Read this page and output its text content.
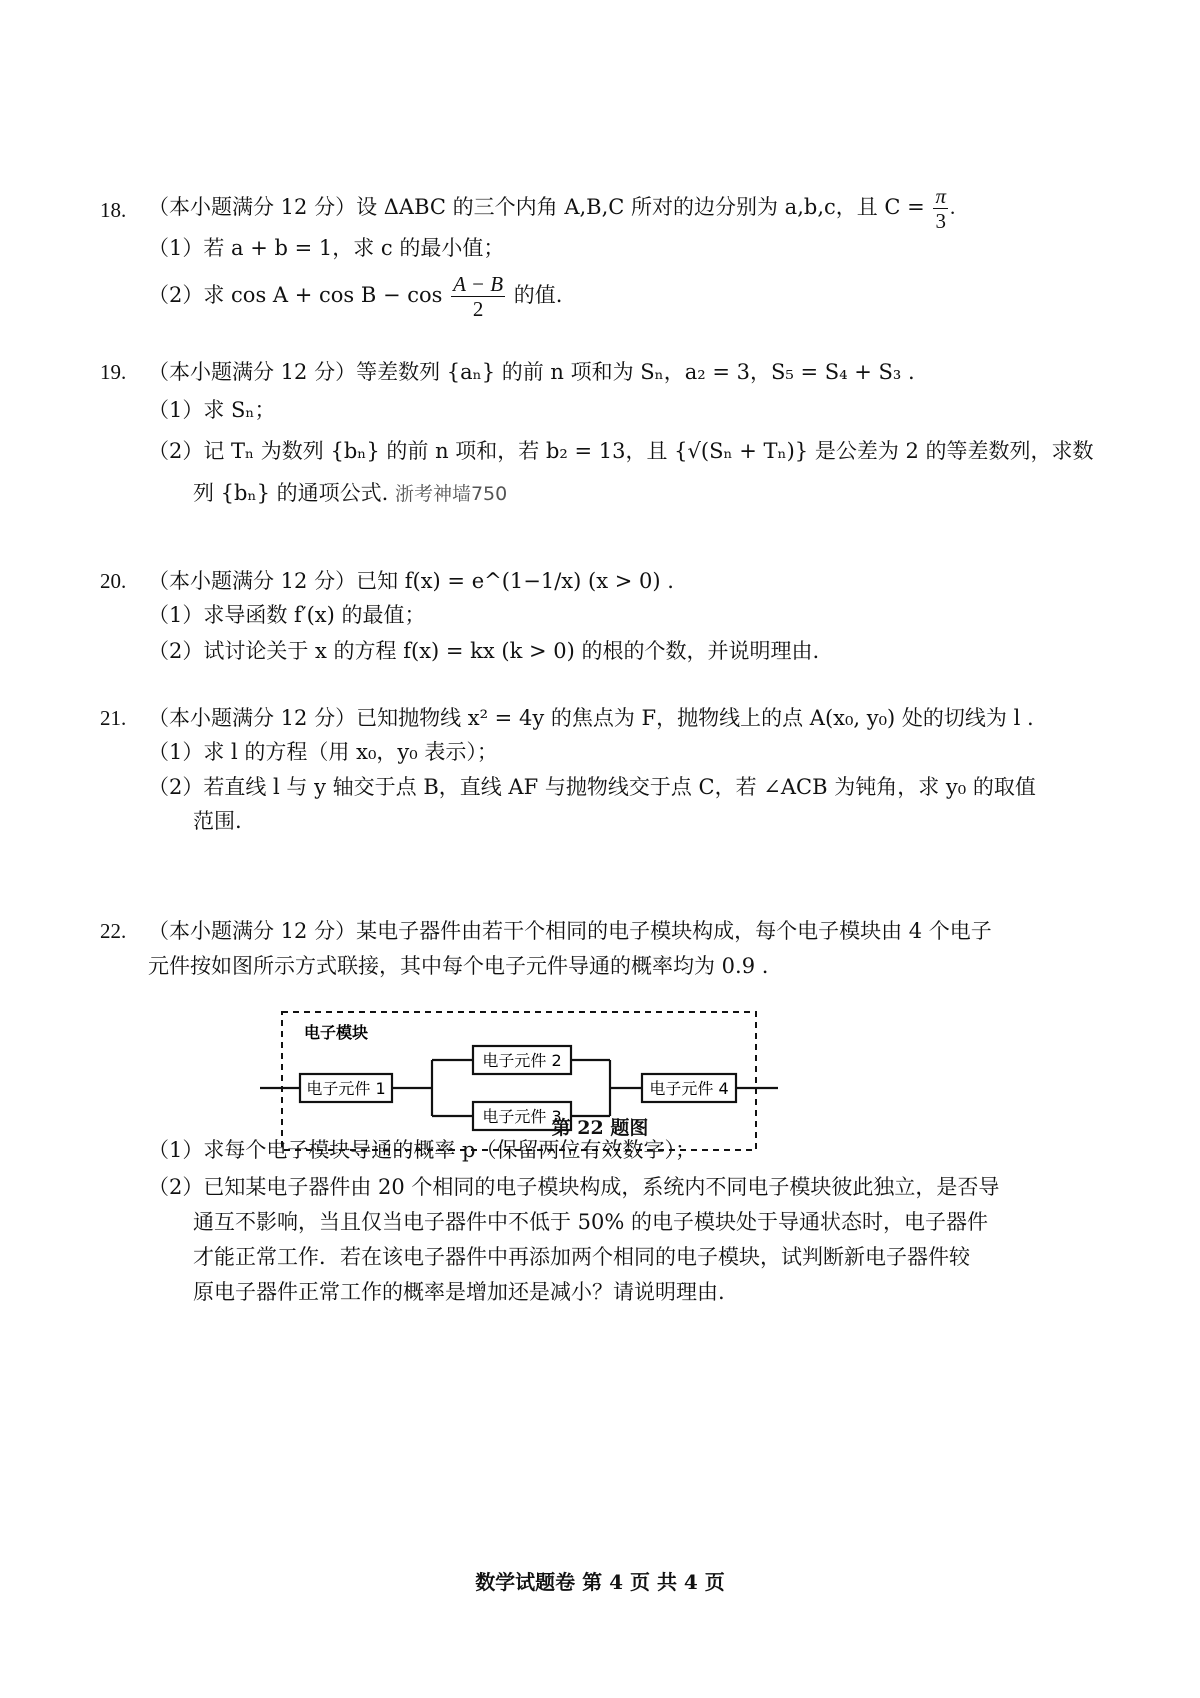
18. （本小题满分 12 分）设 ΔABC 的三个内角 A,B,C 所对的边分别为 a,b,c，且 $C = \frac{\pi}{3}$ .
（1）若 a + b = 1，求 c 的最小值；
（2）求 $\cos A + \cos B - \cos \frac{A - B}{2}$ 的值.
19. （本小题满分 12 分）等差数列 {aₙ} 的前 n 项和为 Sₙ，a₂ = 3，S₅ = S₄ + S₃ .
（1）求 Sₙ；
（2）记 Tₙ 为数列 {bₙ} 的前 n 项和，若 b₂ = 13，且 {√(Sₙ + Tₙ)} 是公差为 2 的等差数列，求数
列 {bₙ} 的通项公式. 浙考神墙750
20. （本小题满分 12 分）已知 f(x) = e^(1−1/x) (x > 0) .
（1）求导函数 f′(x) 的最值；
（2）试讨论关于 x 的方程 f(x) = kx (k > 0) 的根的个数，并说明理由.
21. （本小题满分 12 分）已知抛物线 x² = 4y 的焦点为 F，抛物线上的点 A(x₀, y₀) 处的切线为 l .
（1）求 l 的方程（用 x₀，y₀ 表示）；
（2）若直线 l 与 y 轴交于点 B，直线 AF 与抛物线交于点 C，若 ∠ACB 为钝角，求 y₀ 的取值
范围.
22. （本小题满分 12 分）某电子器件由若干个相同的电子模块构成，每个电子模块由 4 个电子
元件按如图所示方式联接，其中每个电子元件导通的概率均为 0.9 .
电子模块
电子元件 1
电子元件 2
电子元件 3
电子元件 4
第 22 题图
（1）求每个电子模块导通的概率 p（保留两位有效数字）；
（2）已知某电子器件由 20 个相同的电子模块构成，系统内不同电子模块彼此独立，是否导
通互不影响，当且仅当电子器件中不低于 50% 的电子模块处于导通状态时，电子器件
才能正常工作．若在该电子器件中再添加两个相同的电子模块，试判断新电子器件较
原电子器件正常工作的概率是增加还是减小？请说明理由.
数学试题卷 第 4 页 共 4 页
